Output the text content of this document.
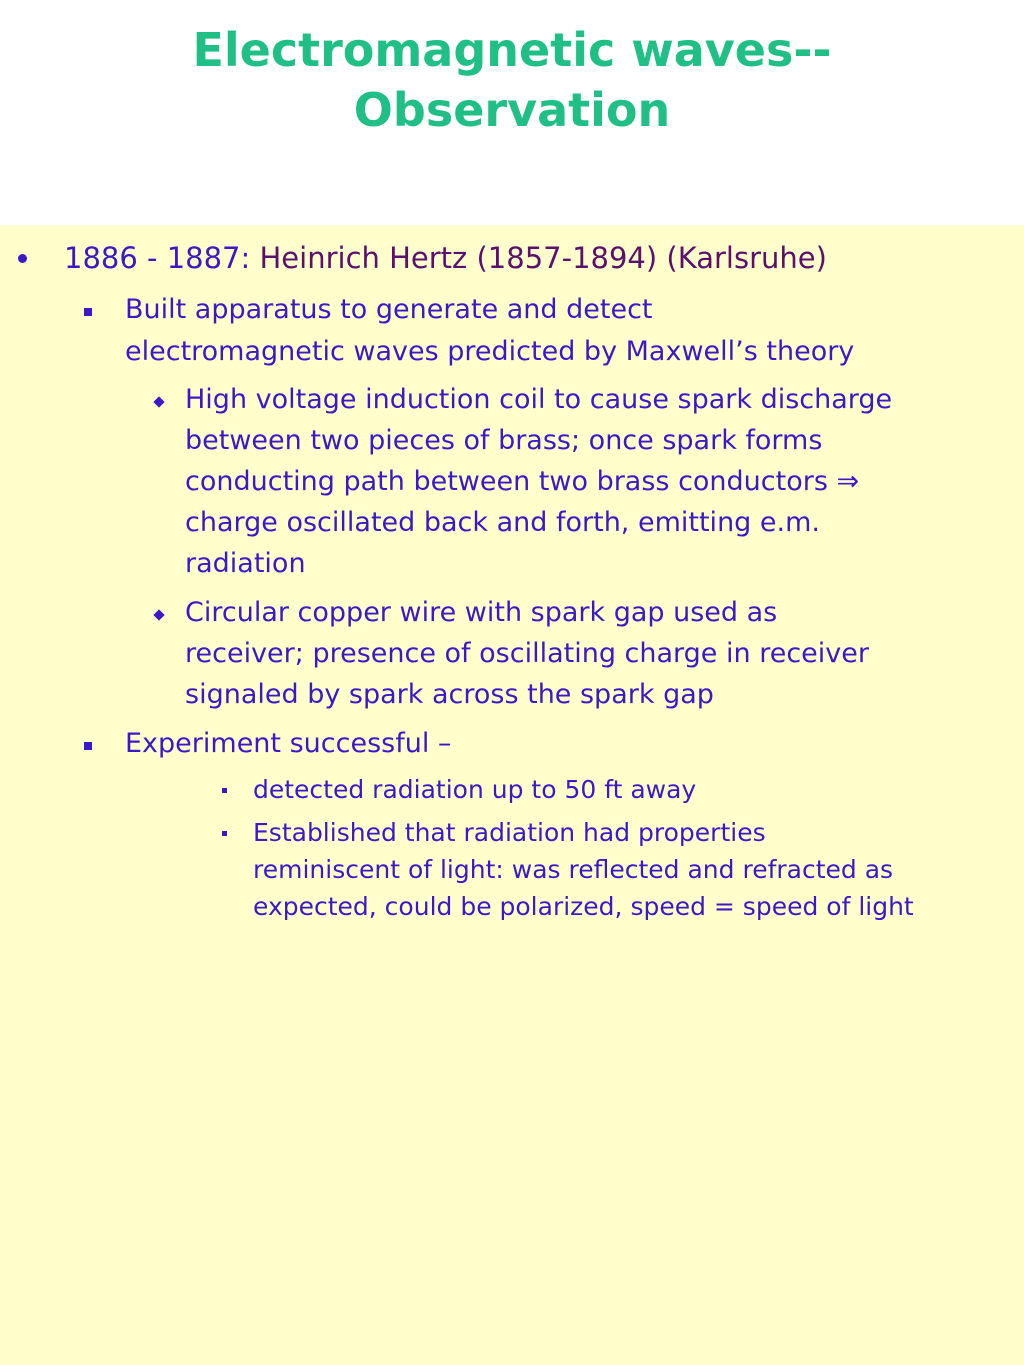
Electromagnetic waves--
Observation
1886 - 1887: Heinrich Hertz (1857-1894) (Karlsruhe)
Built apparatus to generate and detect
electromagnetic waves predicted by Maxwell’s theory
High voltage induction coil to cause spark discharge
between two pieces of brass; once spark forms
conducting path between two brass conductors ⇒
charge oscillated back and forth, emitting e.m.
radiation
Circular copper wire with spark gap used as
receiver; presence of oscillating charge in receiver
signaled by spark across the spark gap
Experiment successful –
detected radiation up to 50 ft away
Established that radiation had properties
reminiscent of light: was reflected and refracted as
expected, could be polarized, speed = speed of light
